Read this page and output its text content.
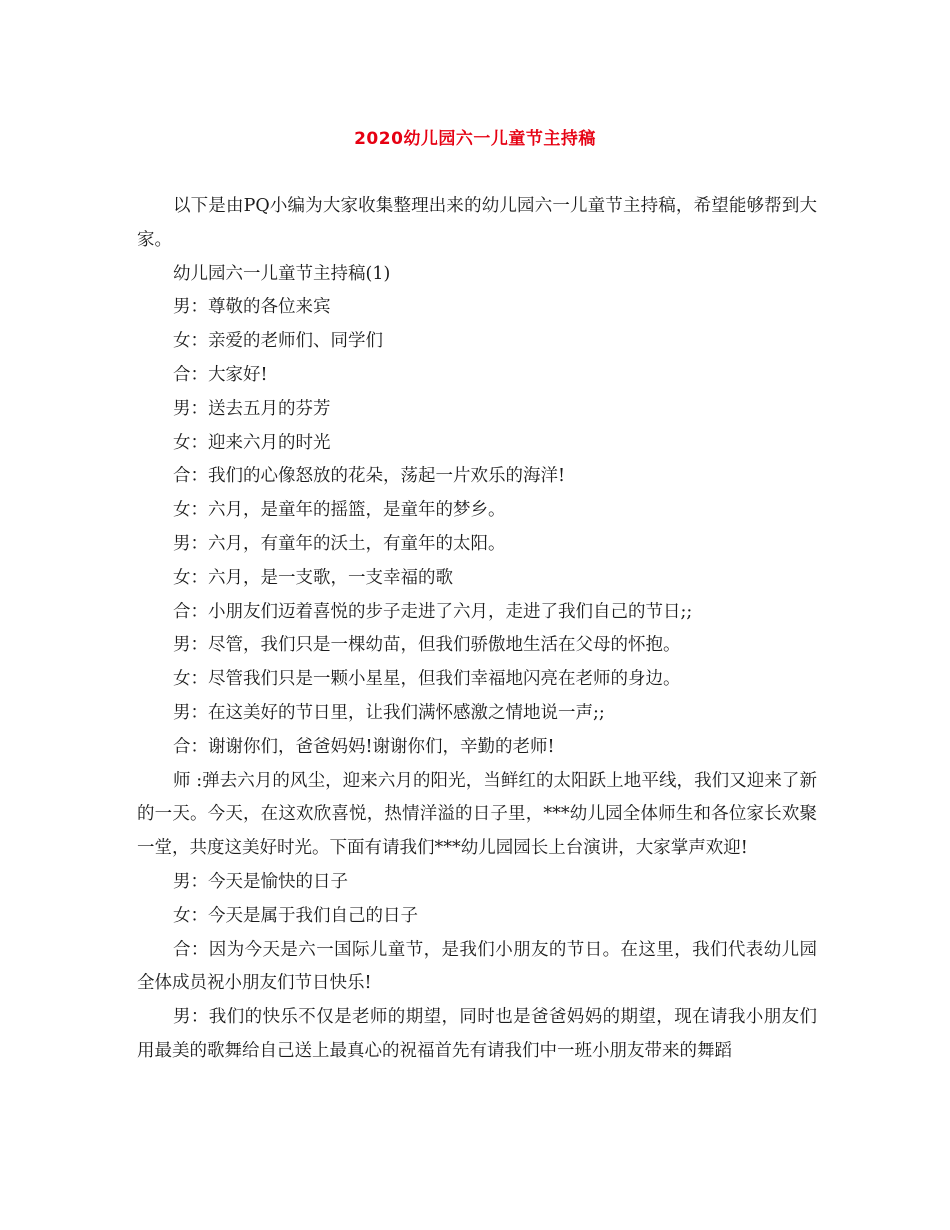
2020幼儿园六一儿童节主持稿

以下是由PQ小编为大家收集整理出来的幼儿园六一儿童节主持稿，希望能够帮到大家。

幼儿园六一儿童节主持稿(1)

男：尊敬的各位来宾

女：亲爱的老师们、同学们

合：大家好!

男：送去五月的芬芳

女：迎来六月的时光

合：我们的心像怒放的花朵，荡起一片欢乐的海洋!

女：六月，是童年的摇篮，是童年的梦乡。

男：六月，有童年的沃土，有童年的太阳。

女：六月，是一支歌，一支幸福的歌

合：小朋友们迈着喜悦的步子走进了六月，走进了我们自己的节日;;

男：尽管，我们只是一棵幼苗，但我们骄傲地生活在父母的怀抱。

女：尽管我们只是一颗小星星，但我们幸福地闪亮在老师的身边。

男：在这美好的节日里，让我们满怀感激之情地说一声;;

合：谢谢你们，爸爸妈妈!谢谢你们，辛勤的老师!

师 :弹去六月的风尘，迎来六月的阳光，当鲜红的太阳跃上地平线，我们又迎来了新的一天。今天，在这欢欣喜悦，热情洋溢的日子里，***幼儿园全体师生和各位家长欢聚一堂，共度这美好时光。下面有请我们***幼儿园园长上台演讲，大家掌声欢迎!

男：今天是愉快的日子

女：今天是属于我们自己的日子

合：因为今天是六一国际儿童节，是我们小朋友的节日。在这里，我们代表幼儿园全体成员祝小朋友们节日快乐!

男：我们的快乐不仅是老师的期望，同时也是爸爸妈妈的期望，现在请我小朋友们用最美的歌舞给自己送上最真心的祝福首先有请我们中一班小朋友带来的舞蹈
